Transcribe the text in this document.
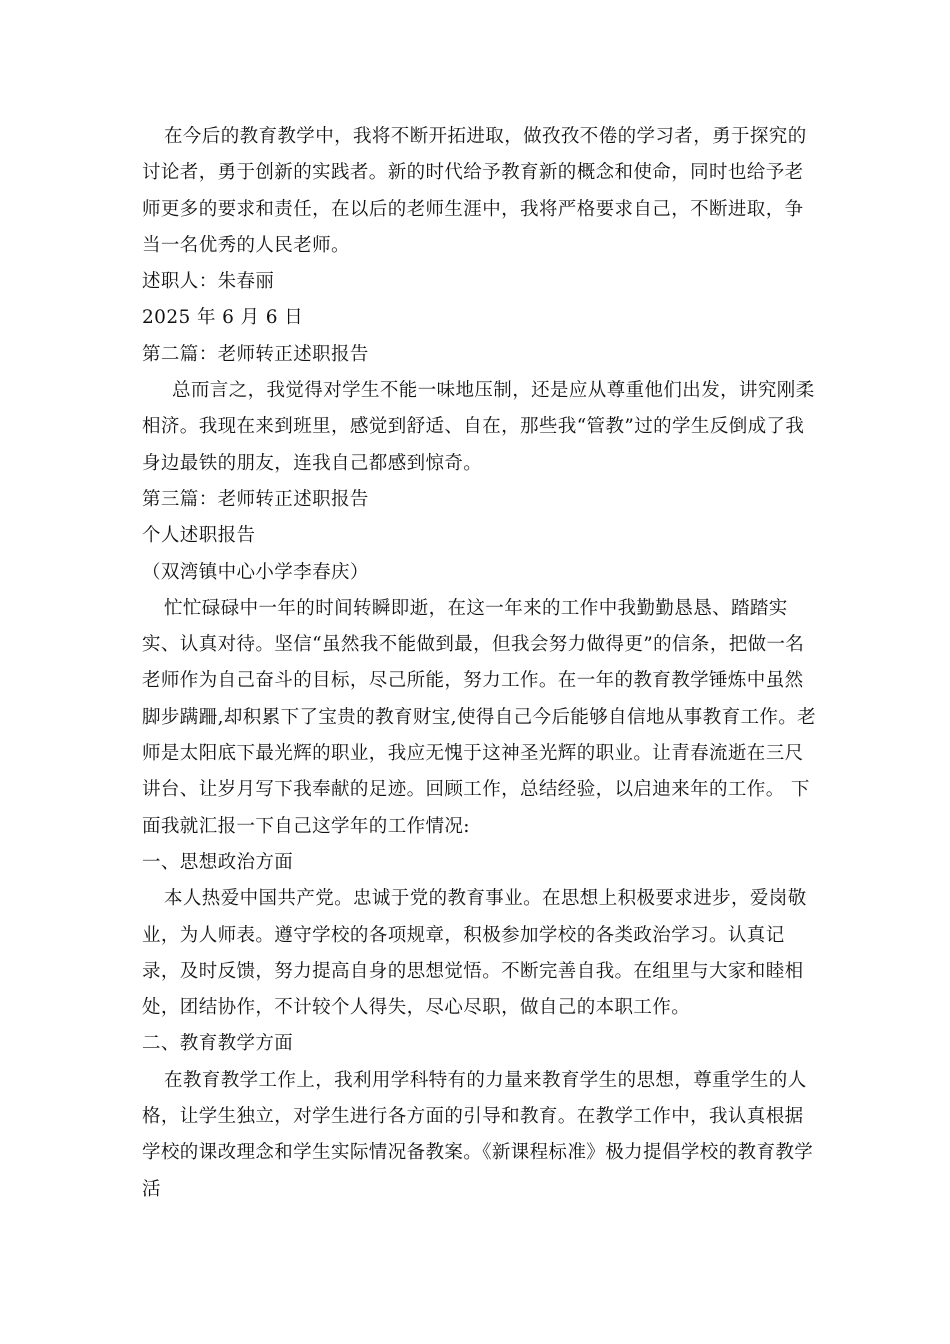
在今后的教育教学中，我将不断开拓进取，做孜孜不倦的学习者，勇于探究的讨论者，勇于创新的实践者。新的时代给予教育新的概念和使命，同时也给予老师更多的要求和责任，在以后的老师生涯中，我将严格要求自己，不断进取，争当一名优秀的人民老师。

述职人：朱春丽

2025 年 6 月 6 日

第二篇：老师转正述职报告

总而言之，我觉得对学生不能一味地压制，还是应从尊重他们出发，讲究刚柔相济。我现在来到班里，感觉到舒适、自在，那些我“管教”过的学生反倒成了我身边最铁的朋友，连我自己都感到惊奇。

第三篇：老师转正述职报告

个人述职报告

（双湾镇中心小学李春庆）

忙忙碌碌中一年的时间转瞬即逝，在这一年来的工作中我勤勤恳恳、踏踏实实、认真对待。坚信“虽然我不能做到最，但我会努力做得更”的信条，把做一名老师作为自己奋斗的目标，尽己所能，努力工作。在一年的教育教学锤炼中虽然脚步蹒跚,却积累下了宝贵的教育财宝,使得自己今后能够自信地从事教育工作。老师是太阳底下最光辉的职业，我应无愧于这神圣光辉的职业。让青春流逝在三尺讲台、让岁月写下我奉献的足迹。回顾工作，总结经验，以启迪来年的工作。 下面我就汇报一下自己这学年的工作情况:

一、思想政治方面

本人热爱中国共产党。忠诚于党的教育事业。在思想上积极要求进步，爱岗敬业，为人师表。遵守学校的各项规章，积极参加学校的各类政治学习。认真记录，及时反馈，努力提高自身的思想觉悟。不断完善自我。在组里与大家和睦相处，团结协作，不计较个人得失，尽心尽职，做自己的本职工作。

二、教育教学方面

在教育教学工作上，我利用学科特有的力量来教育学生的思想，尊重学生的人格，让学生独立，对学生进行各方面的引导和教育。在教学工作中，我认真根据学校的课改理念和学生实际情况备教案。《新课程标准》极力提倡学校的教育教学活
